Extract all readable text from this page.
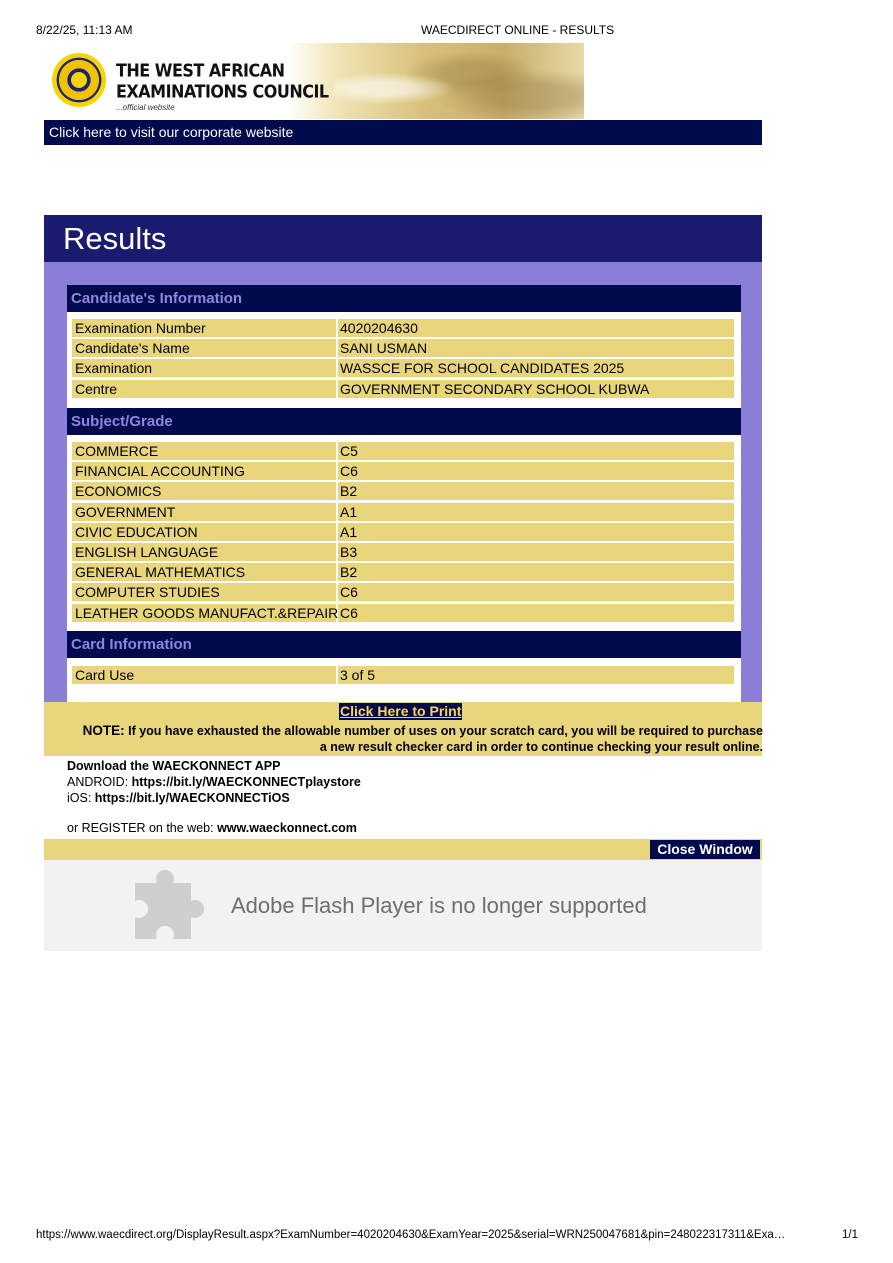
8/22/25, 11:13 AM	WAECDIRECT ONLINE - RESULTS
THE WEST AFRICAN
EXAMINATIONS COUNCIL
...official website
Click here to visit our corporate website
Results
Candidate's Information
Examination Number	4020204630
Candidate's Name	SANI USMAN
Examination	WASSCE FOR SCHOOL CANDIDATES 2025
Centre	GOVERNMENT SECONDARY SCHOOL KUBWA
Subject/Grade
COMMERCE	C5
FINANCIAL ACCOUNTING	C6
ECONOMICS	B2
GOVERNMENT	A1
CIVIC EDUCATION	A1
ENGLISH LANGUAGE	B3
GENERAL MATHEMATICS	B2
COMPUTER STUDIES	C6
LEATHER GOODS MANUFACT.&REPAIR C6
Card Information
Card Use	3 of 5
Click Here to Print
NOTE: If you have exhausted the allowable number of uses on your scratch card, you will be required to purchase a new result checker card in order to continue checking your result online.
Download the WAECKONNECT APP
ANDROID: https://bit.ly/WAECKONNECTplaystore
iOS: https://bit.ly/WAECKONNECTiOS
or REGISTER on the web: www.waeckonnect.com
Close Window
Adobe Flash Player is no longer supported
https://www.waecdirect.org/DisplayResult.aspx?ExamNumber=4020204630&ExamYear=2025&serial=WRN250047681&pin=248022317311&Exa…	1/1
